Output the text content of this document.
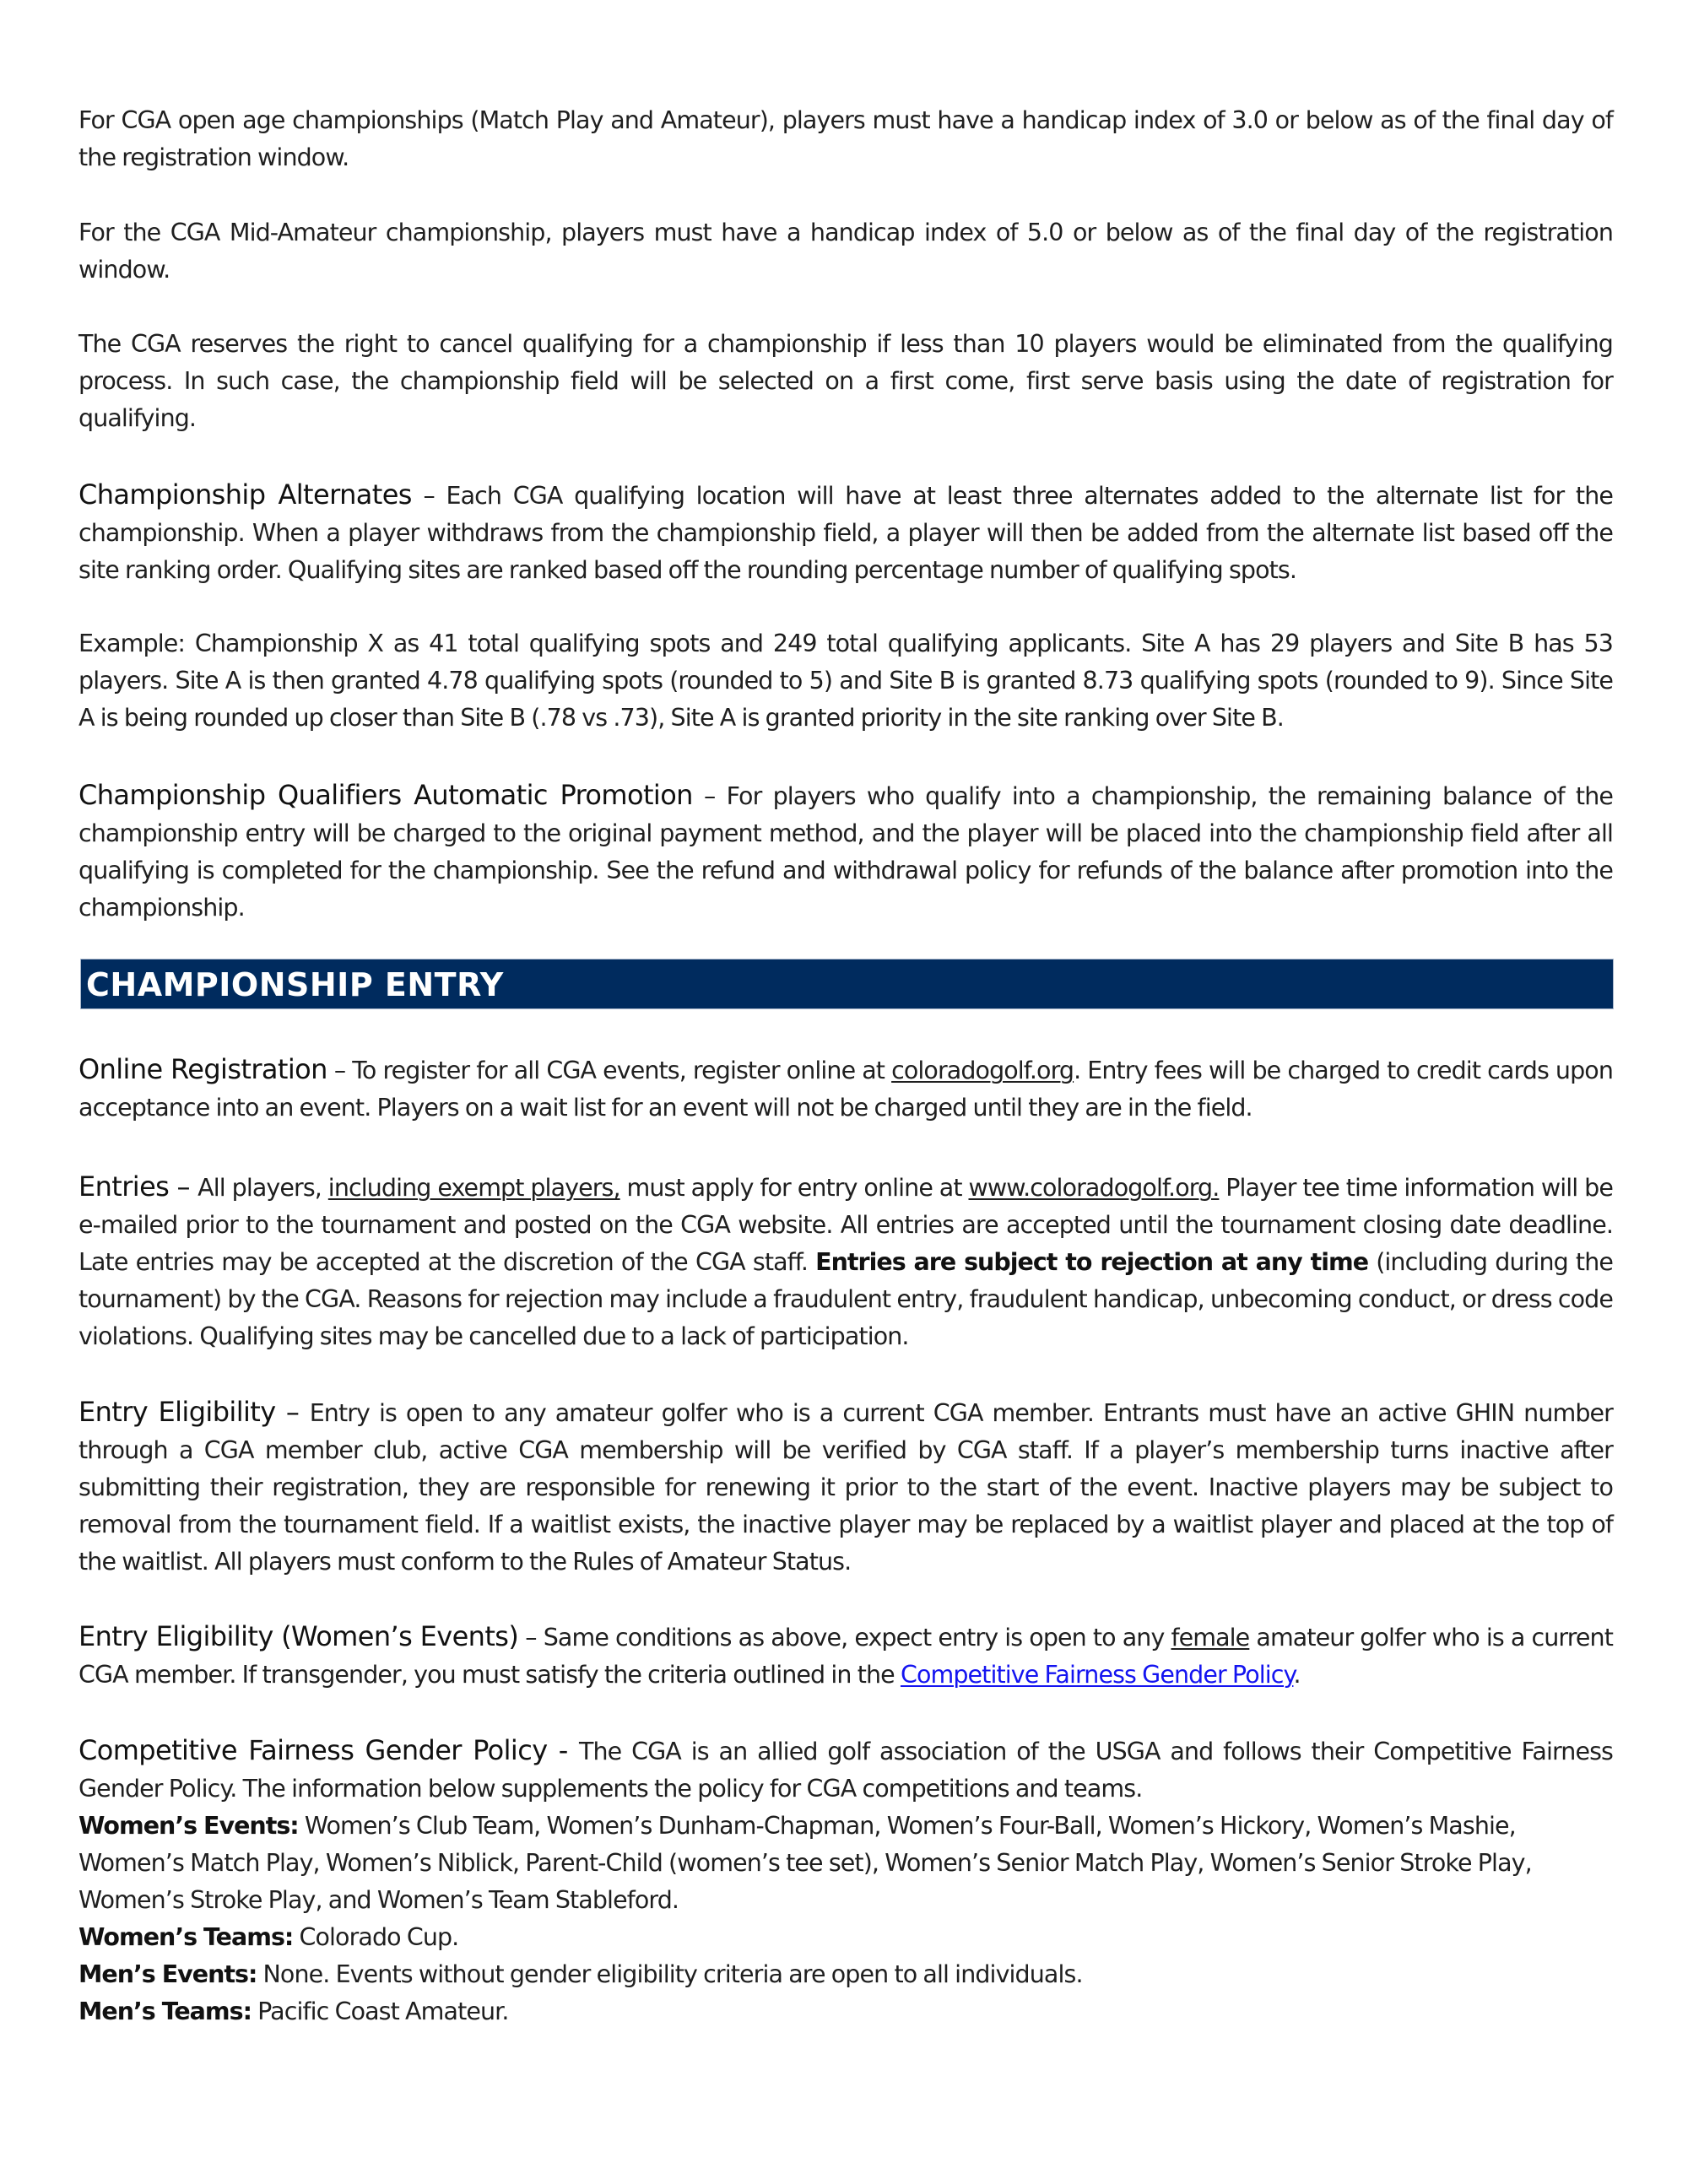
For CGA open age championships (Match Play and Amateur), players must have a handicap index of 3.0 or below as of the final day of the registration window.

For the CGA Mid-Amateur championship, players must have a handicap index of 5.0 or below as of the final day of the registration window.

The CGA reserves the right to cancel qualifying for a championship if less than 10 players would be eliminated from the qualifying process. In such case, the championship field will be selected on a first come, first serve basis using the date of registration for qualifying.

Championship Alternates – Each CGA qualifying location will have at least three alternates added to the alternate list for the championship. When a player withdraws from the championship field, a player will then be added from the alternate list based off the site ranking order. Qualifying sites are ranked based off the rounding percentage number of qualifying spots.

Example: Championship X as 41 total qualifying spots and 249 total qualifying applicants. Site A has 29 players and Site B has 53 players. Site A is then granted 4.78 qualifying spots (rounded to 5) and Site B is granted 8.73 qualifying spots (rounded to 9). Since Site A is being rounded up closer than Site B (.78 vs .73), Site A is granted priority in the site ranking over Site B.

Championship Qualifiers Automatic Promotion – For players who qualify into a championship, the remaining balance of the championship entry will be charged to the original payment method, and the player will be placed into the championship field after all qualifying is completed for the championship. See the refund and withdrawal policy for refunds of the balance after promotion into the championship.

CHAMPIONSHIP ENTRY

Online Registration – To register for all CGA events, register online at coloradogolf.org. Entry fees will be charged to credit cards upon acceptance into an event. Players on a wait list for an event will not be charged until they are in the field.

Entries – All players, including exempt players, must apply for entry online at www.coloradogolf.org. Player tee time information will be e-mailed prior to the tournament and posted on the CGA website. All entries are accepted until the tournament closing date deadline. Late entries may be accepted at the discretion of the CGA staff. Entries are subject to rejection at any time (including during the tournament) by the CGA. Reasons for rejection may include a fraudulent entry, fraudulent handicap, unbecoming conduct, or dress code violations. Qualifying sites may be cancelled due to a lack of participation.

Entry Eligibility – Entry is open to any amateur golfer who is a current CGA member. Entrants must have an active GHIN number through a CGA member club, active CGA membership will be verified by CGA staff. If a player’s membership turns inactive after submitting their registration, they are responsible for renewing it prior to the start of the event. Inactive players may be subject to removal from the tournament field. If a waitlist exists, the inactive player may be replaced by a waitlist player and placed at the top of the waitlist. All players must conform to the Rules of Amateur Status.

Entry Eligibility (Women’s Events) – Same conditions as above, expect entry is open to any female amateur golfer who is a current CGA member. If transgender, you must satisfy the criteria outlined in the Competitive Fairness Gender Policy.

Competitive Fairness Gender Policy - The CGA is an allied golf association of the USGA and follows their Competitive Fairness Gender Policy. The information below supplements the policy for CGA competitions and teams.
Women’s Events: Women’s Club Team, Women’s Dunham-Chapman, Women’s Four-Ball, Women’s Hickory, Women’s Mashie, Women’s Match Play, Women’s Niblick, Parent-Child (women’s tee set), Women’s Senior Match Play, Women’s Senior Stroke Play, Women’s Stroke Play, and Women’s Team Stableford.
Women’s Teams: Colorado Cup.
Men’s Events: None. Events without gender eligibility criteria are open to all individuals.
Men’s Teams: Pacific Coast Amateur.
